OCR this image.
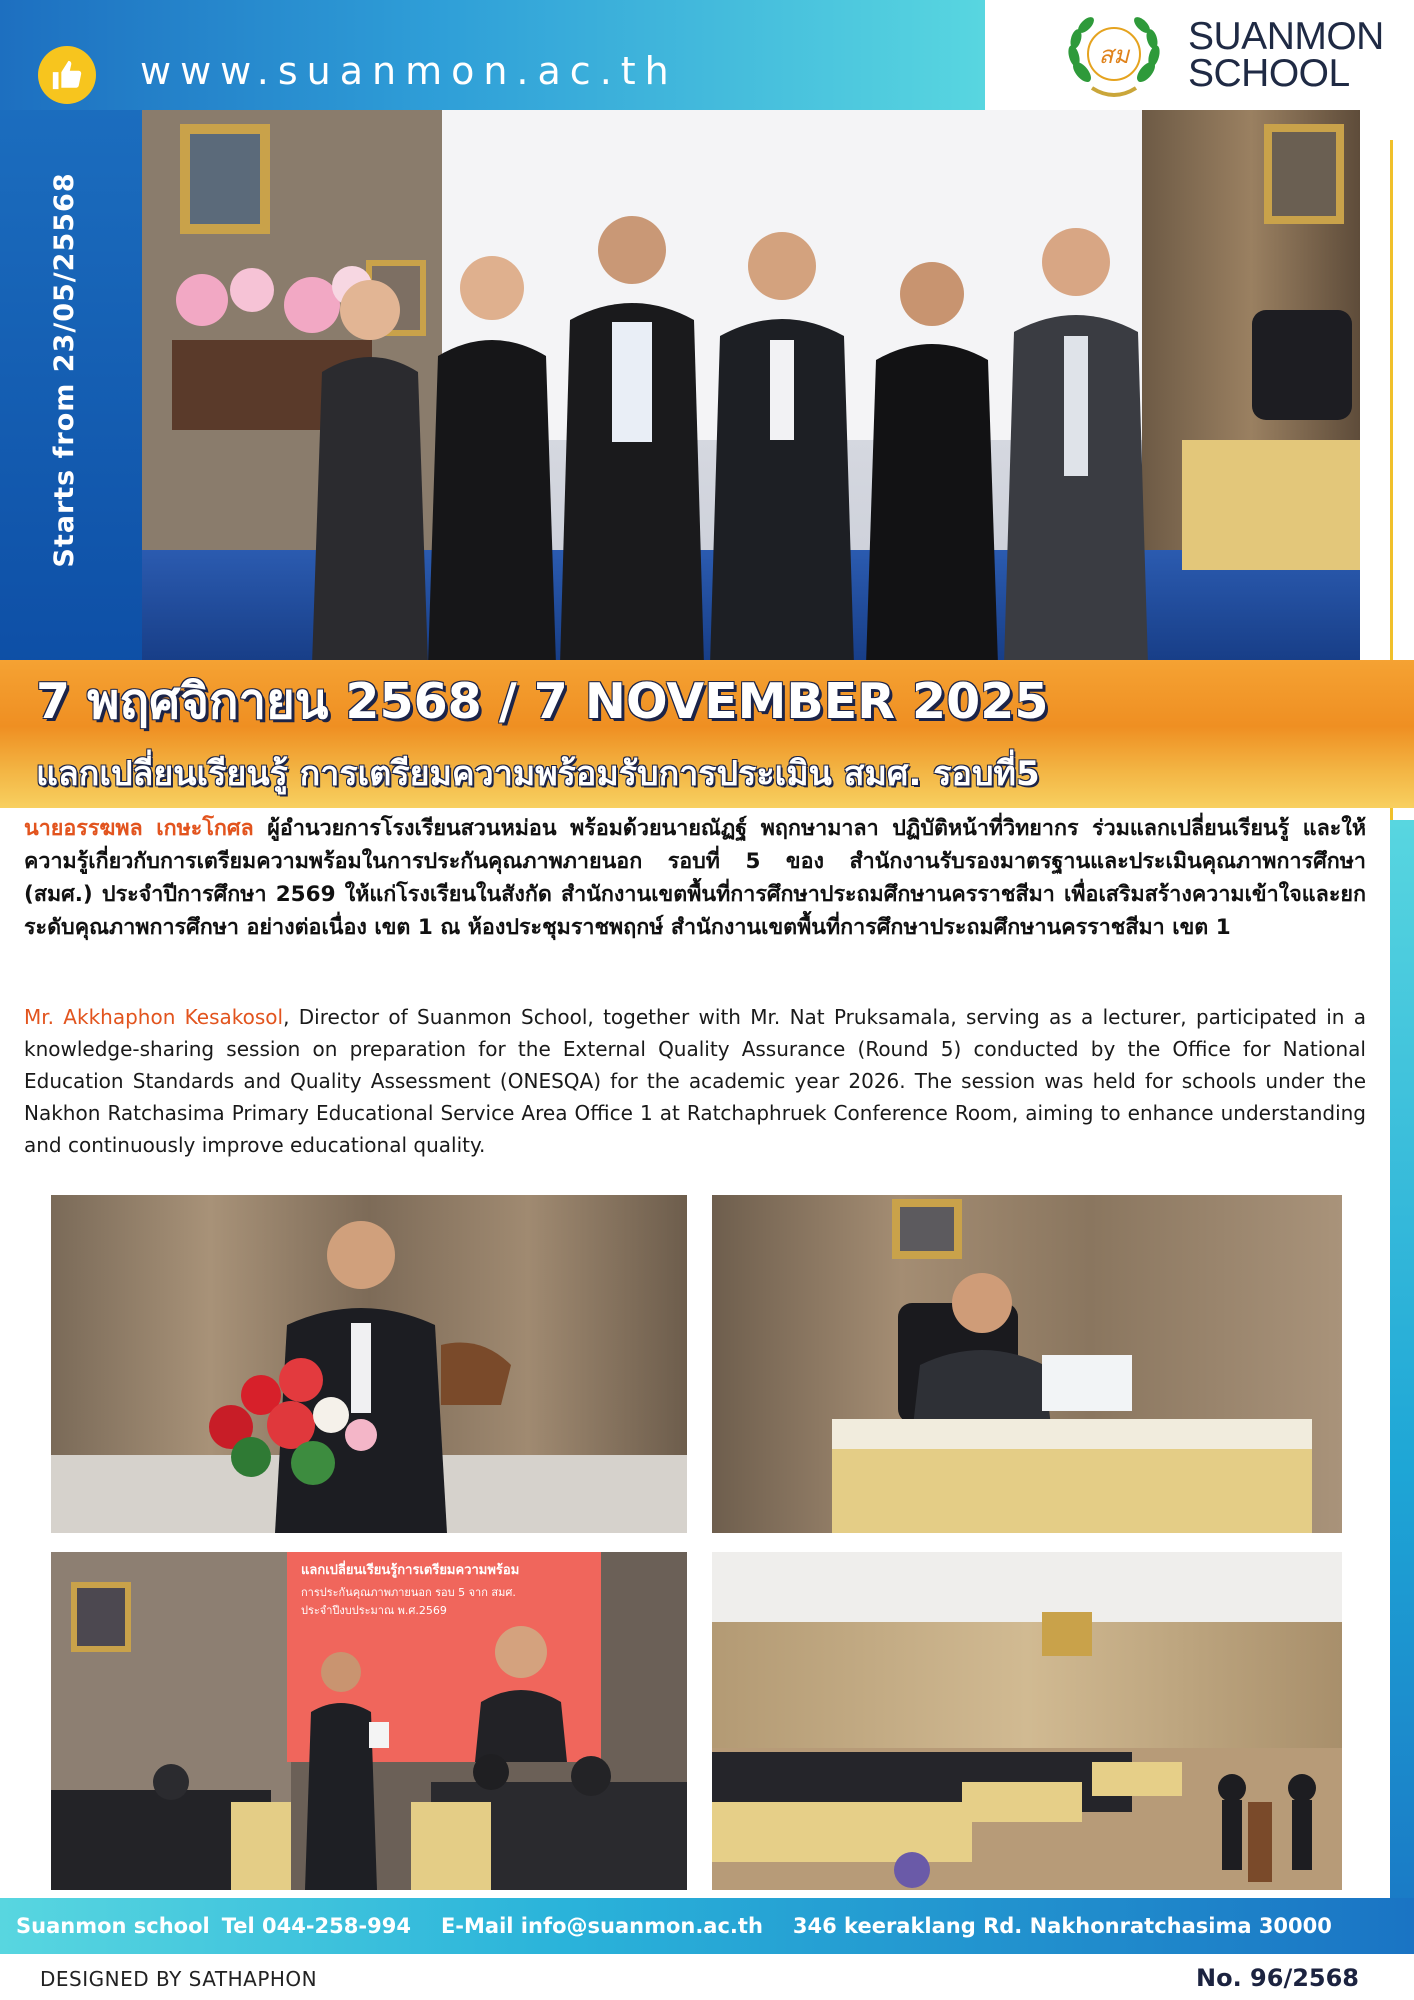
www.suanmon.ac.th
Starts from 23/05/25568
สม SUANMON
SCHOOL
7 พฤศจิกายน 2568 / 7 NOVEMBER 2025
แลกเปลี่ยนเรียนรู้ การเตรียมความพร้อมรับการประเมิน สมศ. รอบที่5

นายอรรฆพล เกษะโกศล ผู้อำนวยการโรงเรียนสวนหม่อน พร้อมด้วยนายณัฏฐ์ พฤกษามาลา ปฏิบัติหน้าที่วิทยากร ร่วมแลกเปลี่ยนเรียนรู้ และให้ความรู้เกี่ยวกับการเตรียมความพร้อมในการประกันคุณภาพภายนอก รอบที่ 5 ของ สำนักงานรับรองมาตรฐานและประเมินคุณภาพการศึกษา (สมศ.) ประจำปีการศึกษา 2569 ให้แก่โรงเรียนในสังกัด สำนักงานเขตพื้นที่การศึกษาประถมศึกษานครราชสีมา เพื่อเสริมสร้างความเข้าใจและยกระดับคุณภาพการศึกษา อย่างต่อเนื่อง เขต 1 ณ ห้องประชุมราชพฤกษ์ สำนักงานเขตพื้นที่การศึกษาประถมศึกษานครราชสีมา เขต 1

Mr. Akkhaphon Kesakosol, Director of Suanmon School, together with Mr. Nat Pruksamala, serving as a lecturer, participated in a knowledge-sharing session on preparation for the External Quality Assurance (Round 5) conducted by the Office for National Education Standards and Quality Assessment (ONESQA) for the academic year 2026. The session was held for schools under the Nakhon Ratchasima Primary Educational Service Area Office 1 at Ratchaphruek Conference Room, aiming to enhance understanding and continuously improve educational quality.

แลกเปลี่ยนเรียนรู้การเตรียมความพร้อม
การประกันคุณภาพภายนอก รอบ 5 จาก สมศ.
ประจำปีงบประมาณ พ.ศ.2569
Suanmon school Tel 044-258-994 E-Mail info@suanmon.ac.th 346 keeraklang Rd. Nakhonratchasima 30000
DESIGNED BY SATHAPHON	No. 96/2568
